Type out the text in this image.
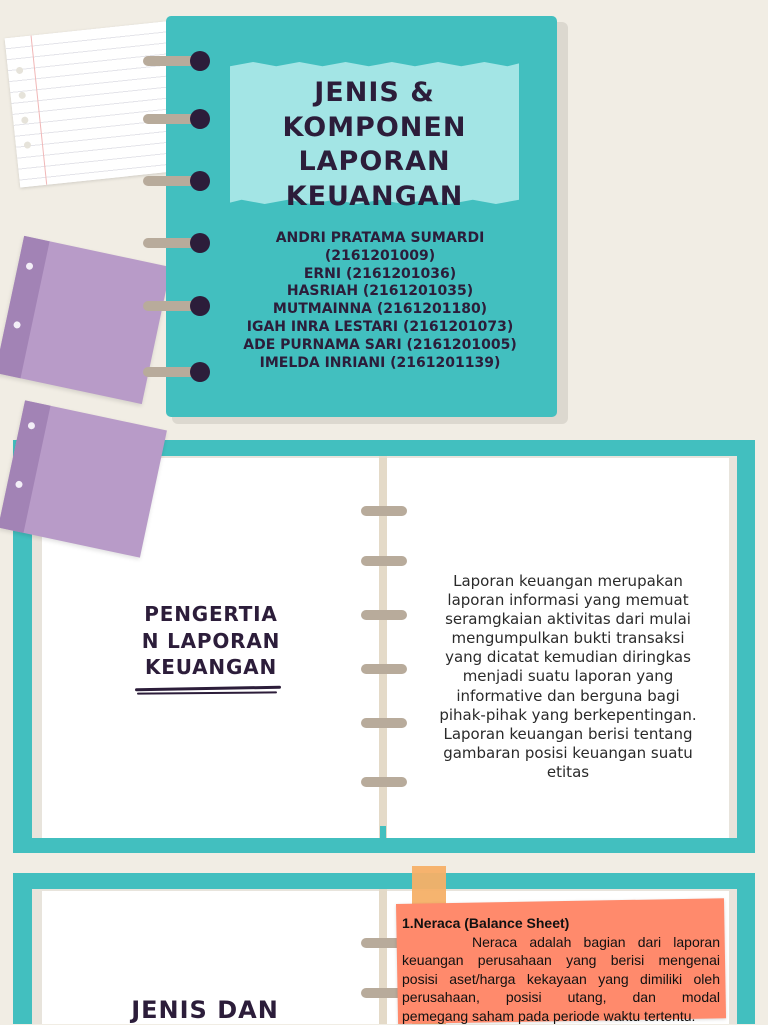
JENIS &
KOMPONEN
LAPORAN
KEUANGAN
ANDRI PRATAMA SUMARDI
(2161201009)
ERNI (2161201036)
HASRIAH (2161201035)
MUTMAINNA (2161201180)
IGAH INRA LESTARI (2161201073)
ADE PURNAMA SARI (2161201005)
IMELDA INRIANI (2161201139)
PENGERTIA
N LAPORAN
KEUANGAN
Laporan keuangan merupakan
laporan informasi yang memuat
seramgkaian aktivitas dari mulai
mengumpulkan bukti transaksi
yang dicatat kemudian diringkas
menjadi suatu laporan yang
informative dan berguna bagi
pihak-pihak yang berkepentingan.
Laporan keuangan berisi tentang
gambaran posisi keuangan suatu
etitas
JENIS DAN
1.Neraca (Balance Sheet)
Neraca adalah bagian dari laporan
keuangan perusahaan yang berisi mengenai
posisi aset/harga kekayaan yang dimiliki oleh
perusahaan, posisi utang, dan modal
pemegang saham pada periode waktu tertentu.
